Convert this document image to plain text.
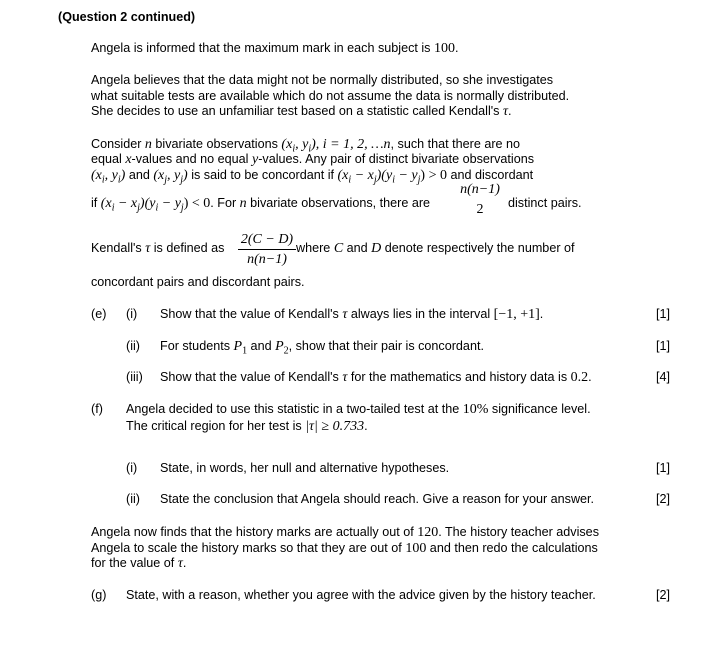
(Question 2 continued)
Angela is informed that the maximum mark in each subject is 100.
Angela believes that the data might not be normally distributed, so she investigates
what suitable tests are available which do not assume the data is normally distributed.
She decides to use an unfamiliar test based on a statistic called Kendall's τ.
Consider n bivariate observations ($x_i$, $y_i$), i = 1, 2, …n, such that there are no
equal x-values and no equal y-values. Any pair of distinct bivariate observations
($x_i$, $y_i$) and ($x_j$, $y_j$) is said to be concordant if $(x_i - x_j)(y_i - y_j) > 0$ and discordant
if $(x_i - x_j)(y_i - y_j) < 0$. For n bivariate observations, there are
n(n−1)
2	distinct pairs.
Kendall's τ is defined as $\frac{2(C - D)}{n(n-1)}$ where C and D denote respectively the number of
concordant pairs and discordant pairs.
(e) (i) Show that the value of Kendall's τ always lies in the interval [−1, +1].	[1]
(ii) For students $P_1$ and $P_2$, show that their pair is concordant.	[1]
(iii) Show that the value of Kendall's τ for the mathematics and history data is 0.2.	[4]
(f) Angela decided to use this statistic in a two-tailed test at the 10% significance level.
The critical region for her test is |τ| ≥ 0.733.
(i) State, in words, her null and alternative hypotheses.	[1]
(ii) State the conclusion that Angela should reach. Give a reason for your answer.	[2]
Angela now finds that the history marks are actually out of 120. The history teacher advises
Angela to scale the history marks so that they are out of 100 and then redo the calculations
for the value of τ.
(g) State, with a reason, whether you agree with the advice given by the history teacher.	[2]
